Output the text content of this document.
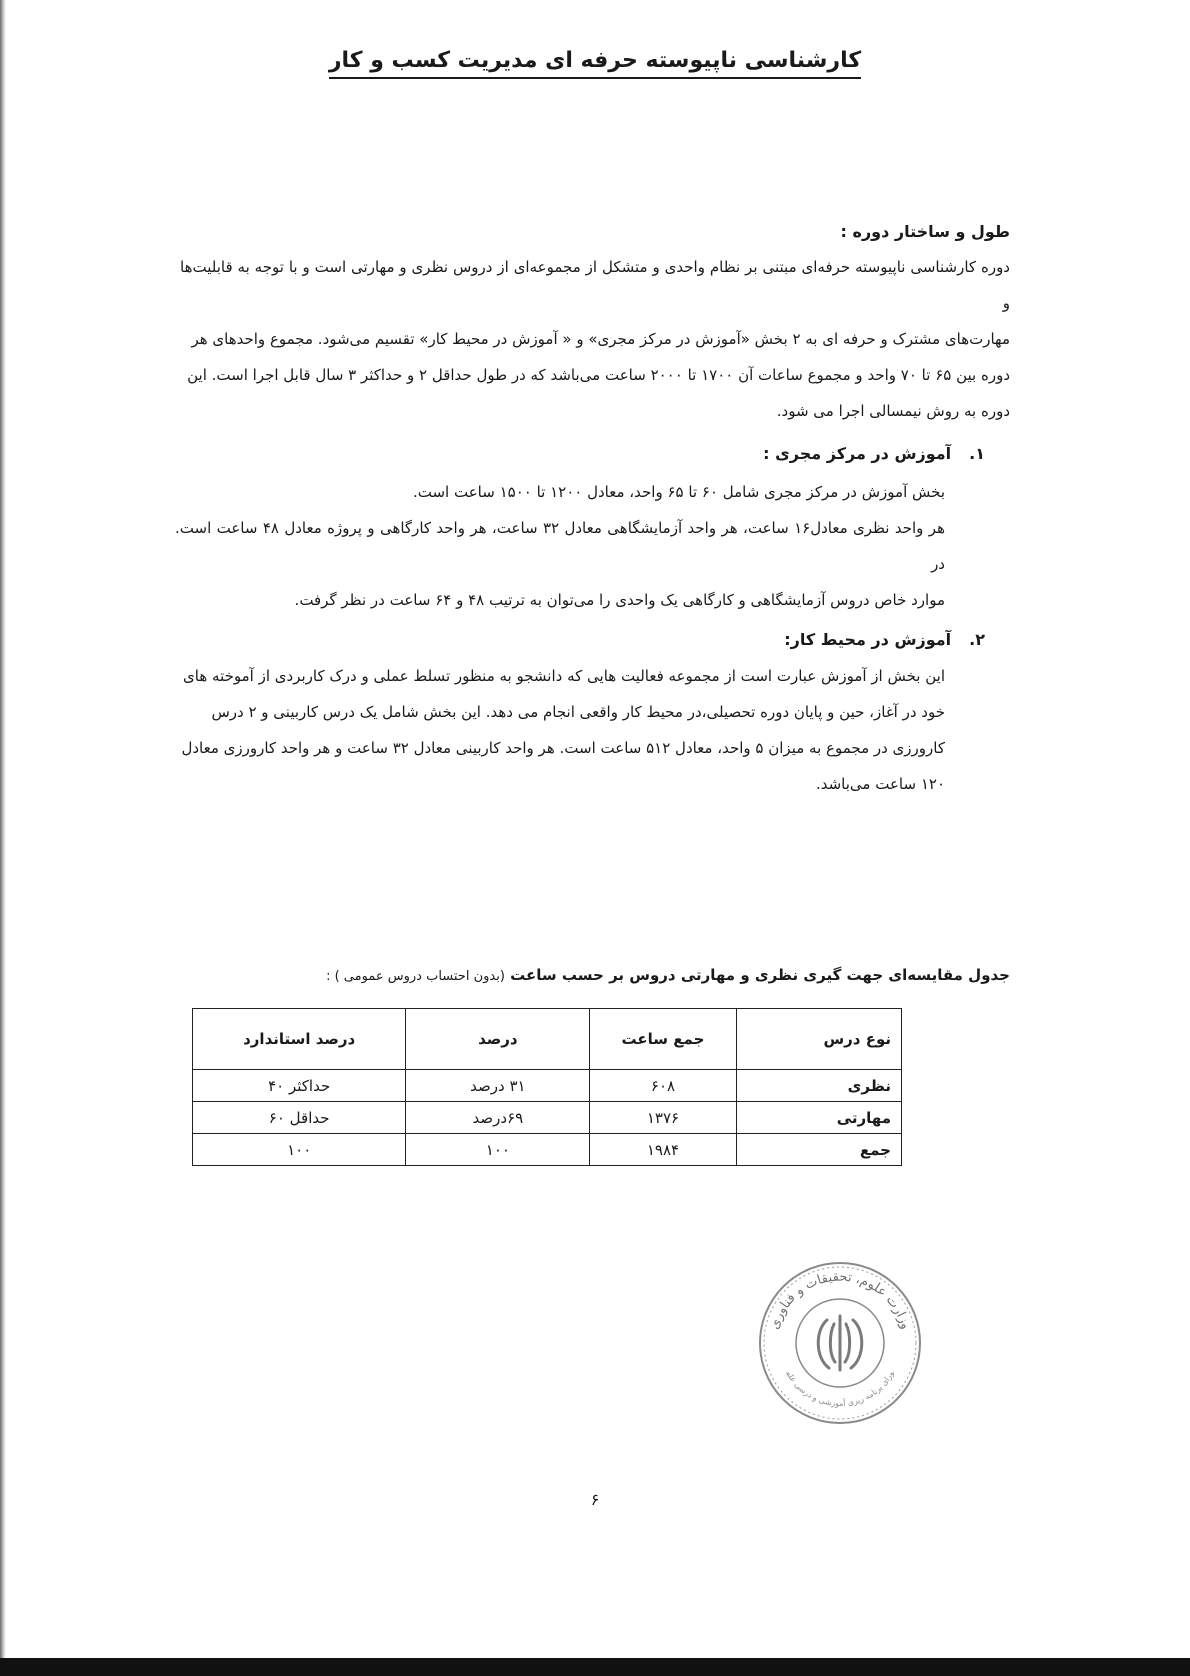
کارشناسی ناپیوسته حرفه ای مدیریت کسب و کار
طول و ساختار دوره :

دوره کارشناسی ناپیوسته حرفه‌ای مبتنی بر نظام واحدی و متشکل از مجموعه‌ای از دروس نظری و مهارتی است و با توجه به قابلیت‌ها و

مهارت‌های مشترک و حرفه ای به ۲ بخش «آموزش در مرکز مجری» و « آموزش در محیط کار» تقسیم می‌شود. مجموع واحدهای هر

دوره بین ۶۵ تا ۷۰ واحد و مجموع ساعات آن ۱۷۰۰ تا ۲۰۰۰ ساعت می‌باشد که در طول حداقل ۲ و حداکثر ۳ سال قابل اجرا است. این

دوره به روش نیمسالی اجرا می شود.

۱.آموزش در مرکز مجری :

بخش آموزش در مرکز مجری شامل ۶۰ تا ۶۵ واحد، معادل ۱۲۰۰ تا ۱۵۰۰ ساعت است.

هر واحد نظری معادل۱۶ ساعت، هر واحد آزمایشگاهی معادل ۳۲ ساعت، هر واحد کارگاهی و پروژه معادل ۴۸ ساعت است. در

موارد خاص دروس آزمایشگاهی و کارگاهی یک واحدی را می‌توان به ترتیب ۴۸ و ۶۴ ساعت در نظر گرفت.

۲.آموزش در محیط کار:

این بخش از آموزش عبارت است از مجموعه فعالیت هایی که دانشجو به منظور تسلط عملی و درک کاربردی از آموخته های

خود در آغاز، حین و پایان دوره تحصیلی،در محیط کار واقعی انجام می دهد. این بخش شامل یک درس کاربینی و ۲ درس

کارورزی در مجموع به میزان ۵ واحد، معادل ۵۱۲ ساعت است. هر واحد کاربینی معادل ۳۲ ساعت و هر واحد کارورزی معادل

۱۲۰ ساعت می‌باشد.

جدول مقایسه‌ای جهت گیری نظری و مهارتی دروس بر حسب ساعت (بدون احتساب دروس عمومی ) :
نوع درس	جمع ساعت	درصد	درصد استاندارد
نظری	۶۰۸	۳۱ درصد	حداکثر ۴۰
مهارتی	۱۳۷۶	۶۹درصد	حداقل ۶۰
جمع	۱۹۸۴	۱۰۰	۱۰۰
وزارت علوم، تحقیقات و فناوری
ورای برنامه ریزی آموزشی و درسی علم
۶
